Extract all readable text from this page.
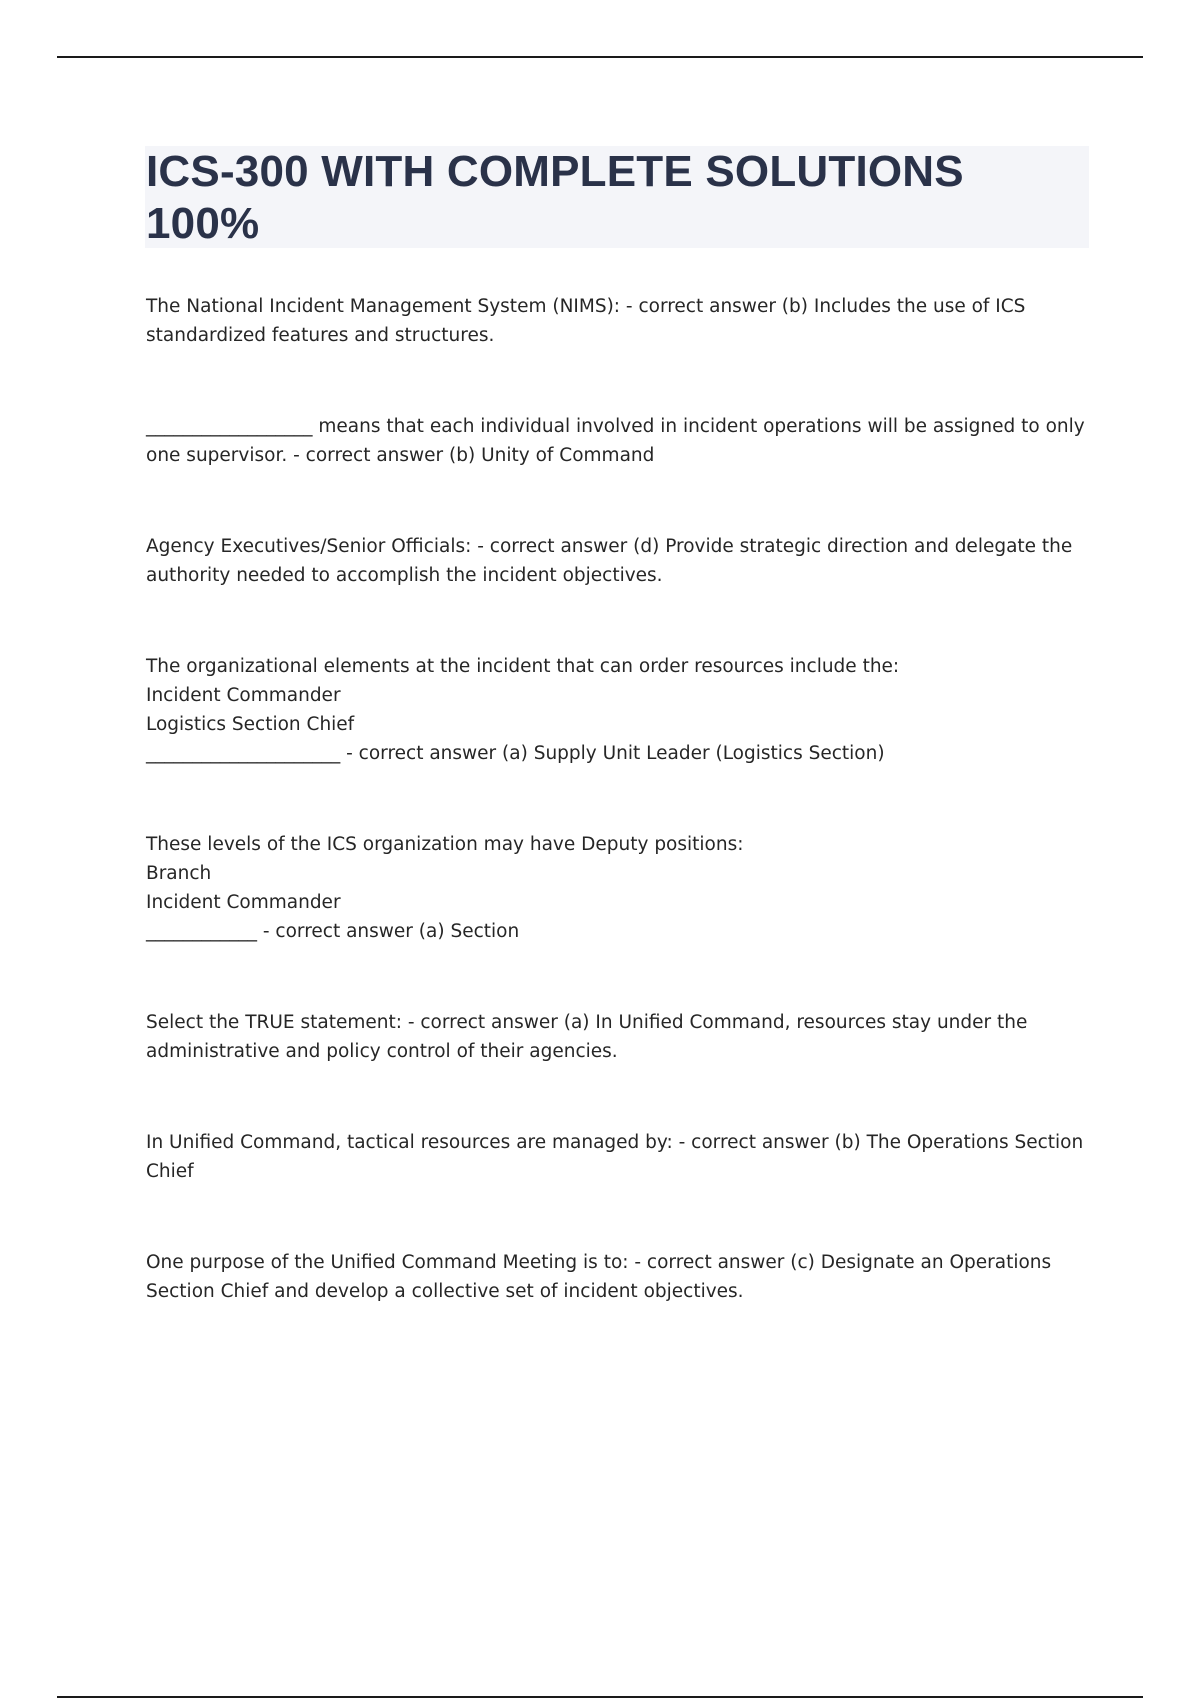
ICS-300 WITH COMPLETE SOLUTIONS 100%

The National Incident Management System (NIMS): - correct answer (b) Includes the use of ICS standardized features and structures.

__________________ means that each individual involved in incident operations will be assigned to only one supervisor. - correct answer (b) Unity of Command

Agency Executives/Senior Officials: - correct answer (d) Provide strategic direction and delegate the authority needed to accomplish the incident objectives.

The organizational elements at the incident that can order resources include the:

Incident Commander

Logistics Section Chief

_____________________ - correct answer (a) Supply Unit Leader (Logistics Section)

These levels of the ICS organization may have Deputy positions:

Branch

Incident Commander

____________ - correct answer (a) Section

Select the TRUE statement: - correct answer (a) In Unified Command, resources stay under the administrative and policy control of their agencies.

In Unified Command, tactical resources are managed by: - correct answer (b) The Operations Section Chief

One purpose of the Unified Command Meeting is to: - correct answer (c) Designate an Operations Section Chief and develop a collective set of incident objectives.
